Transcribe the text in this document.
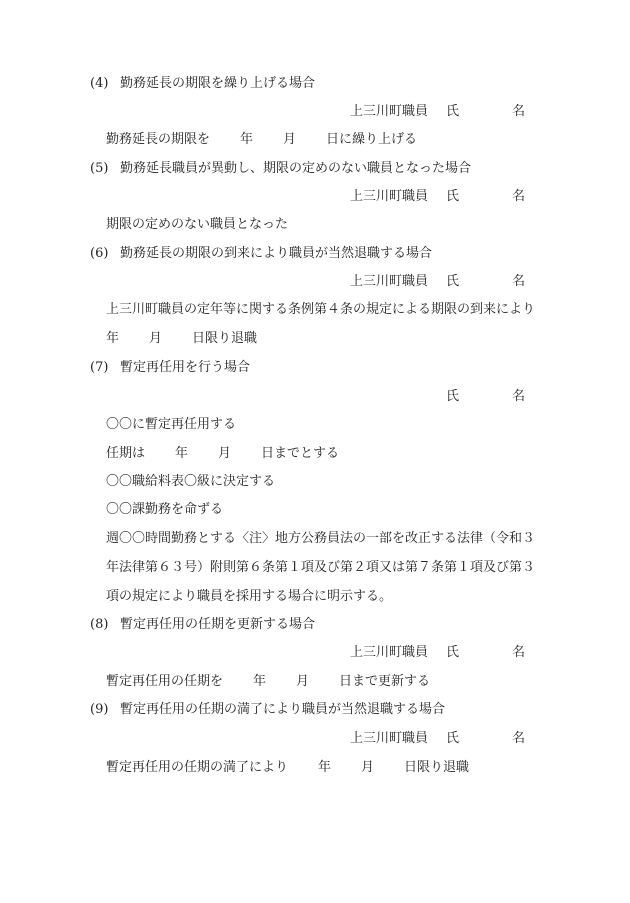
(4) 勤務延長の期限を繰り上げる場合
上三川町職員 氏	名
勤務延長の期限を 年 月 日に繰り上げる
(5) 勤務延長職員が異動し、期限の定めのない職員となった場合
上三川町職員 氏	名
期限の定めのない職員となった
(6) 勤務延長の期限の到来により職員が当然退職する場合
上三川町職員 氏	名
上三川町職員の定年等に関する条例第４条の規定による期限の到来により
年 月 日限り退職
(7) 暫定再任用を行う場合
氏	名
〇〇に暫定再任用する
任期は 年 月 日までとする
〇〇職給料表〇級に決定する
〇〇課勤務を命ずる
週〇〇時間勤務とする〈注〉地方公務員法の一部を改正する法律（令和３
年法律第６３号）附則第６条第１項及び第２項又は第７条第１項及び第３
項の規定により職員を採用する場合に明示する。
(8) 暫定再任用の任期を更新する場合
上三川町職員 氏	名
暫定再任用の任期を 年 月 日まで更新する
(9) 暫定再任用の任期の満了により職員が当然退職する場合
上三川町職員 氏	名
暫定再任用の任期の満了により 年 月 日限り退職
